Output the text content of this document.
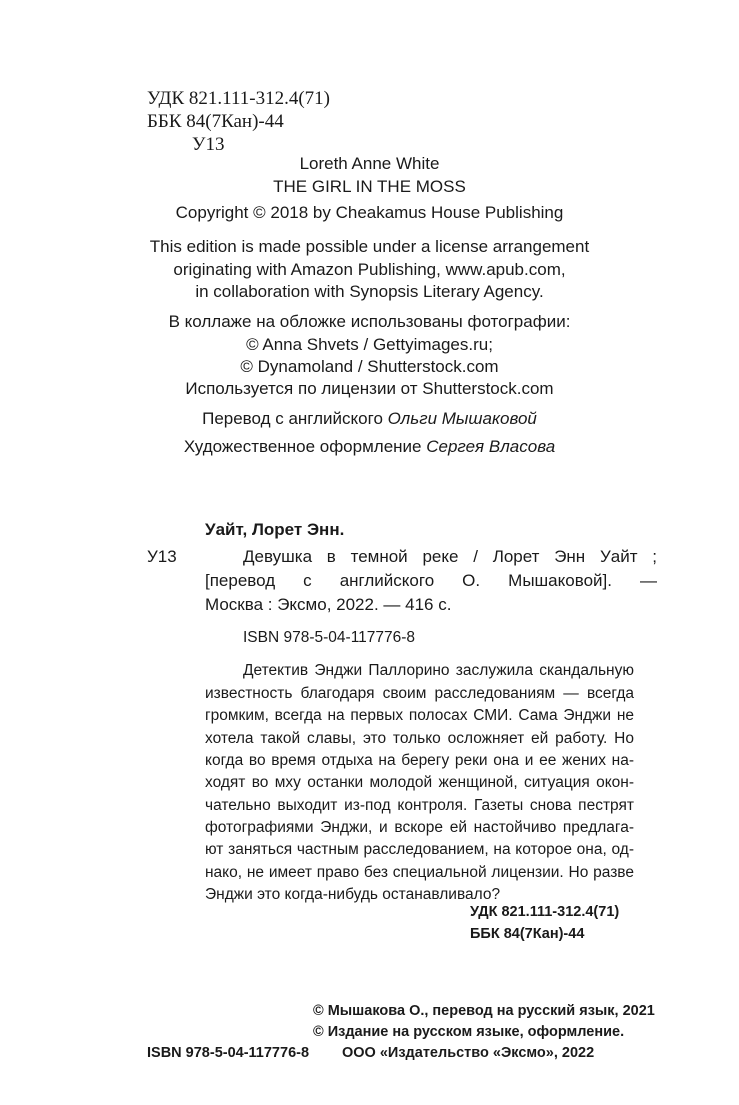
УДК 821.111-312.4(71)
ББК 84(7Кан)-44
У13
Loreth Anne White
THE GIRL IN THE MOSS
Copyright © 2018 by Cheakamus House Publishing
This edition is made possible under a license arrangement
originating with Amazon Publishing, www.apub.com,
in collaboration with Synopsis Literary Agency.
В коллаже на обложке использованы фотографии:
© Anna Shvets / Gettyimages.ru;
© Dynamoland / Shutterstock.com
Используется по лицензии от Shutterstock.com
Перевод с английского Ольги Мышаковой
Художественное оформление Сергея Власова
Уайт, Лорет Энн.
У13	Девушка в темной реке / Лорет Энн Уайт ;
[перевод с английского О. Мышаковой]. —
Москва : Эксмо, 2022. — 416 с.
ISBN 978-5-04-117776-8
Детектив Энджи Паллорино заслужила скандальную
известность благодаря своим расследованиям — всегда
громким, всегда на первых полосах СМИ. Сама Энджи не
хотела такой славы, это только осложняет ей работу. Но
когда во время отдыха на берегу реки она и ее жених на-
ходят во мху останки молодой женщиной, ситуация окон-
чательно выходит из-под контроля. Газеты снова пестрят
фотографиями Энджи, и вскоре ей настойчиво предлага-
ют заняться частным расследованием, на которое она, од-
нако, не имеет право без специальной лицензии. Но разве
Энджи это когда-нибудь останавливало?
УДК 821.111-312.4(71)
ББК 84(7Кан)-44
© Мышакова О., перевод на русский язык, 2021
© Издание на русском языке, оформление.
ISBN 978-5-04-117776-8 ООО «Издательство «Эксмо», 2022
